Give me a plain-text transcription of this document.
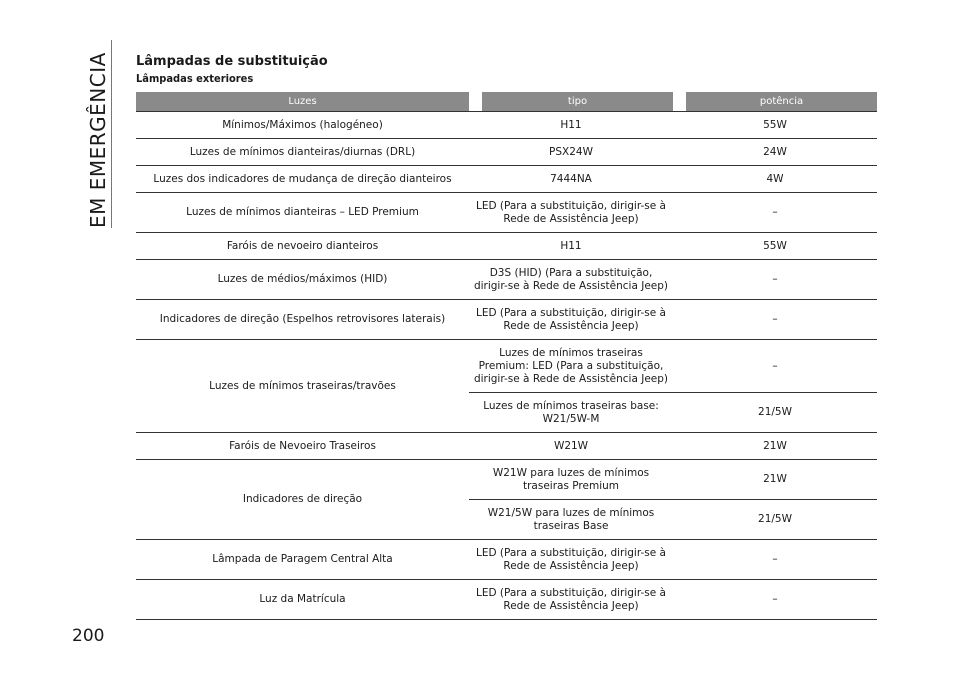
EM EMERGÊNCIA Lâmpadas de substituição
Lâmpadas exteriores
Luzes	tipo	potência

Mínimos/Máximos (halogéneo)	H11	55W
Luzes de mínimos dianteiras/diurnas (DRL)	PSX24W	24W
Luzes dos indicadores de mudança de direção dianteiros	7444NA	4W
Luzes de mínimos dianteiras – LED Premium	LED (Para a substituição, dirigir-se à Rede de Assistência Jeep)	–
Faróis de nevoeiro dianteiros	H11	55W
Luzes de médios/máximos (HID)	D3S (HID) (Para a substituição, dirigir-se à Rede de Assistência Jeep)	–
Indicadores de direção (Espelhos retrovisores laterais)	LED (Para a substituição, dirigir-se à Rede de Assistência Jeep)	–
Luzes de mínimos traseiras/travões	Luzes de mínimos traseiras Premium: LED (Para a substituição, dirigir-se à Rede de Assistência Jeep)	–
	Luzes de mínimos traseiras base: W21/5W-M	21/5W
Faróis de Nevoeiro Traseiros	W21W	21W
Indicadores de direção	W21W para luzes de mínimos traseiras Premium	21W
	W21/5W para luzes de mínimos traseiras Base	21/5W
Lâmpada de Paragem Central Alta	LED (Para a substituição, dirigir-se à Rede de Assistência Jeep)	–
Luz da Matrícula	LED (Para a substituição, dirigir-se à Rede de Assistência Jeep)	–
200
